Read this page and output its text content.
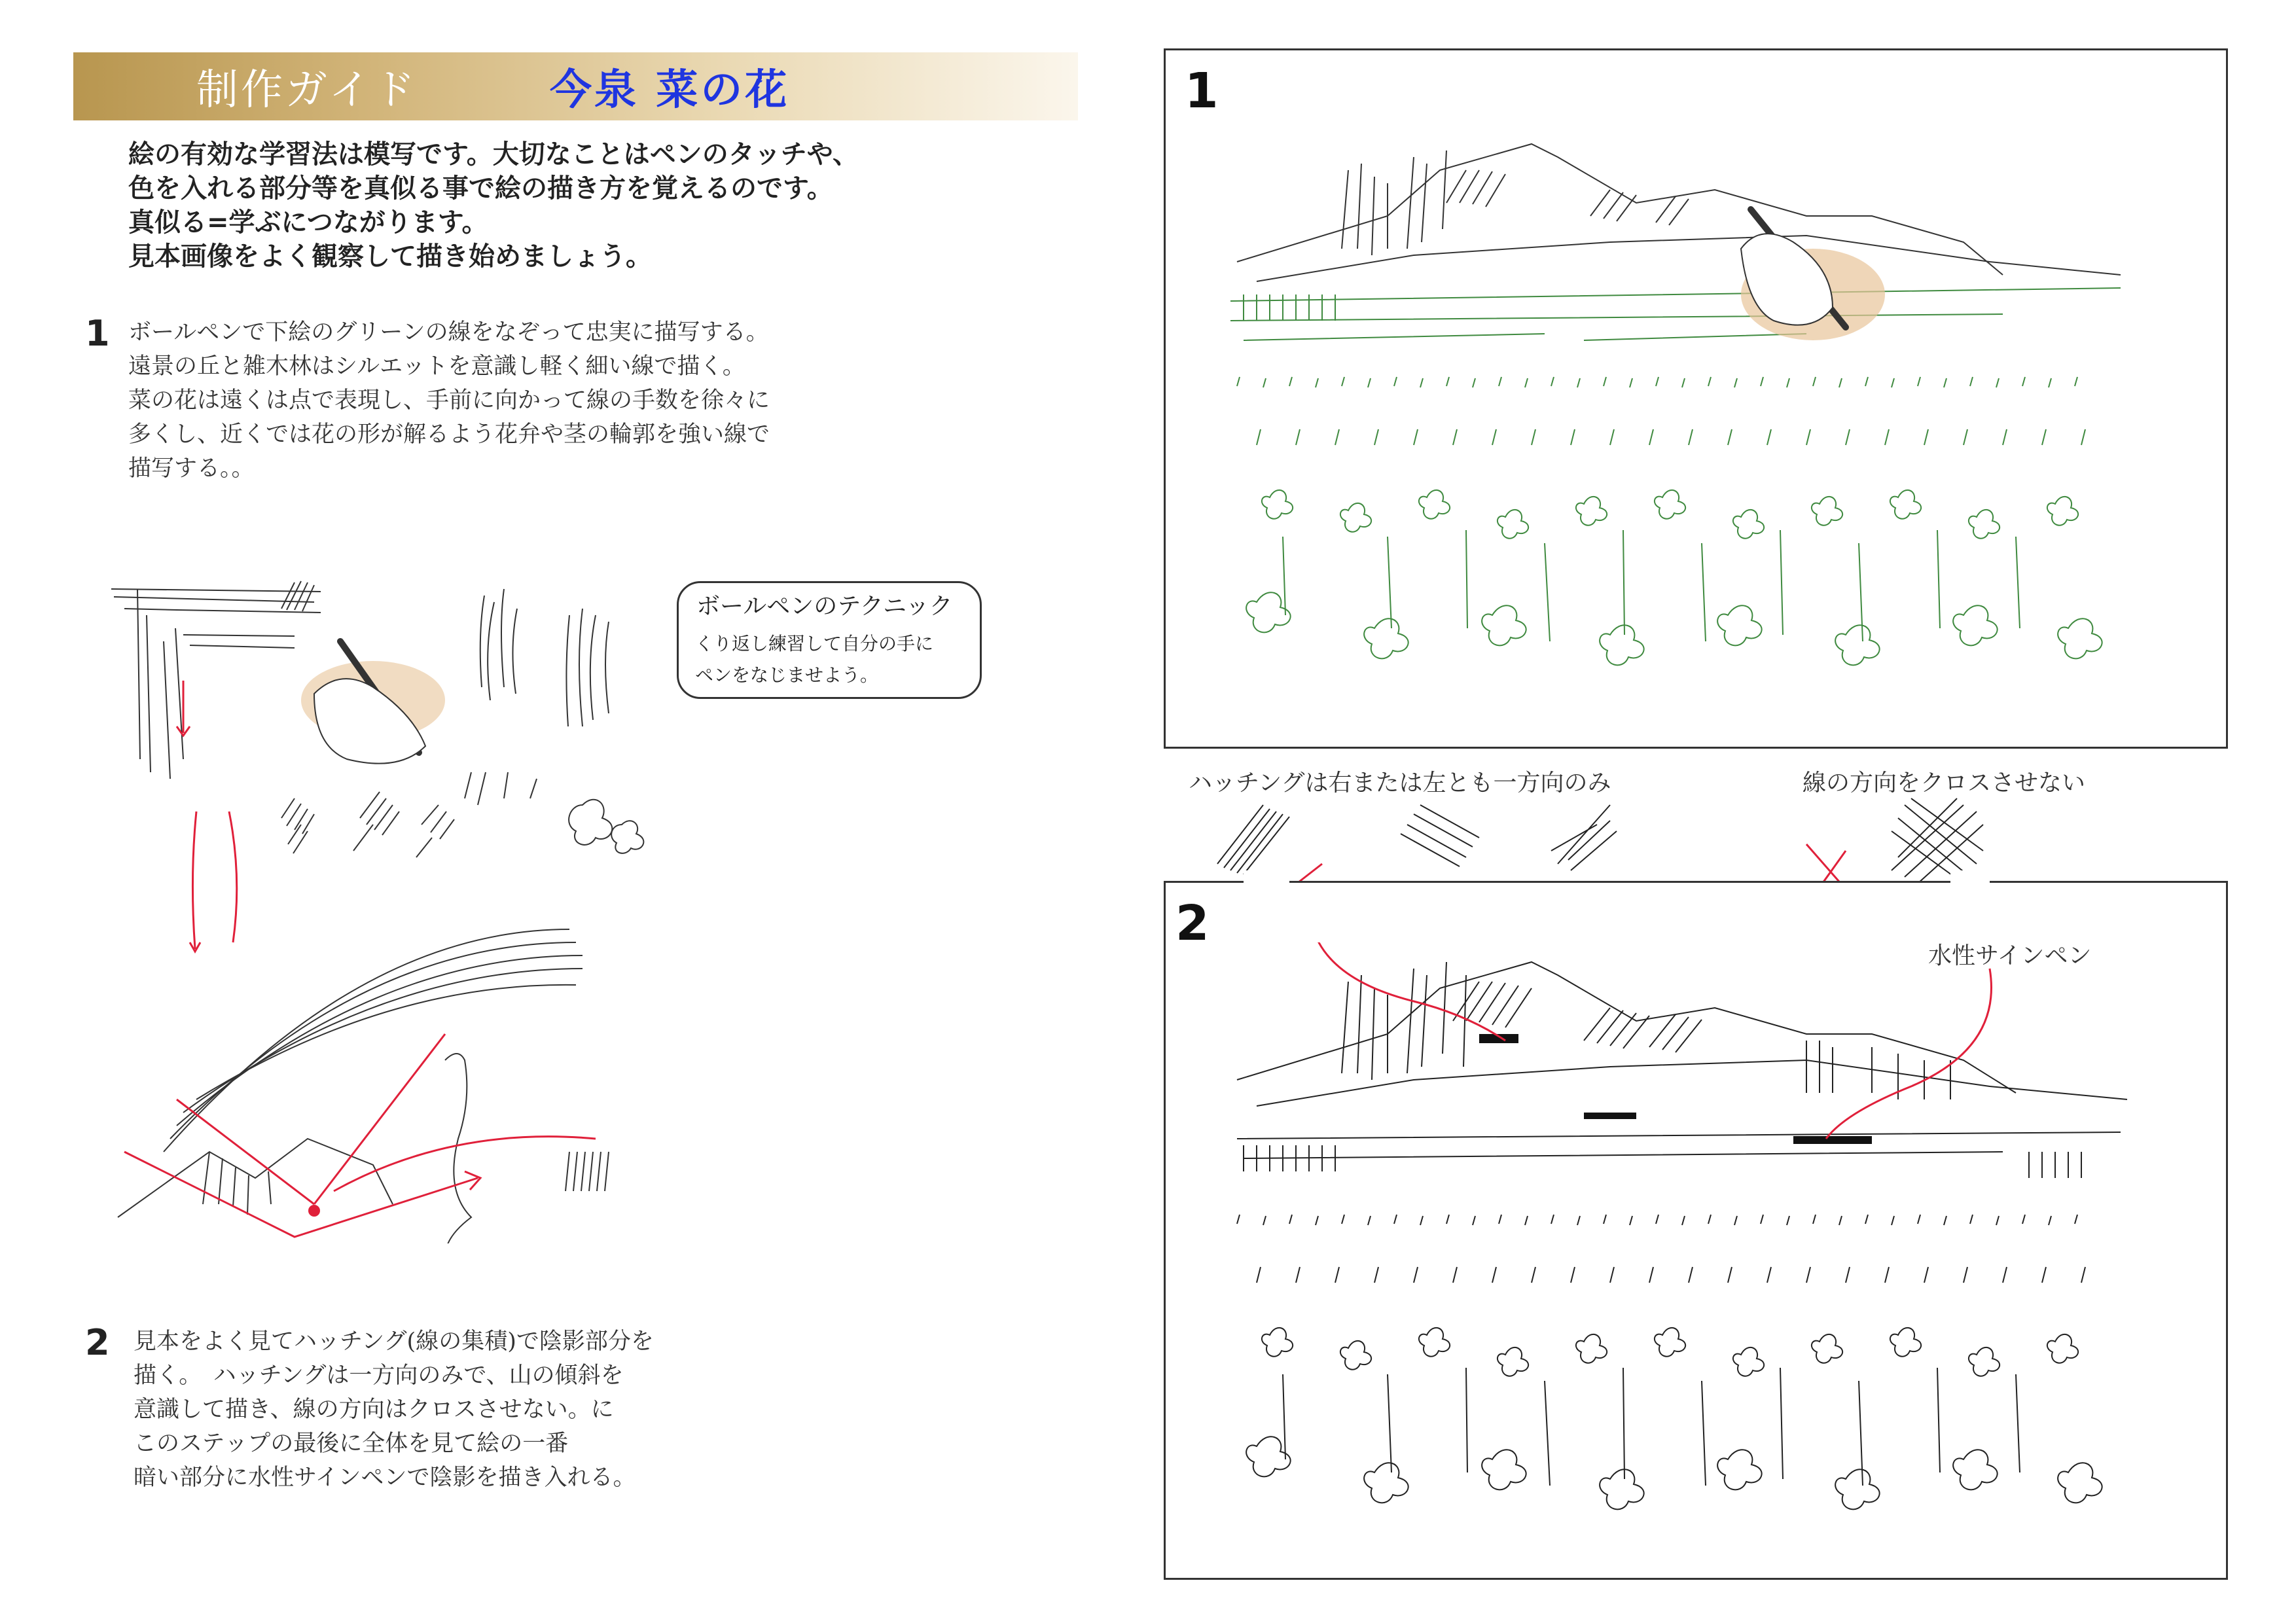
制作ガイド	今泉 菜の花
絵の有効な学習法は模写です。大切なことはペンのタッチや、
色を入れる部分等を真似る事で絵の描き方を覚えるのです。
真似る=学ぶにつながります。
見本画像をよく観察して描き始めましょう。
1 ボールペンで下絵のグリーンの線をなぞって忠実に描写する。
遠景の丘と雑木林はシルエットを意識し軽く細い線で描く。
菜の花は遠くは点で表現し、手前に向かって線の手数を徐々に
多くし、近くでは花の形が解るよう花弁や茎の輪郭を強い線で
描写する。。
ボールペンのテクニック
くり返し練習して自分の手に
ペンをなじませよう。
2 見本をよく見てハッチング(線の集積)で陰影部分を
描く。　ハッチングは一方向のみで、山の傾斜を
意識して描き、線の方向はクロスさせない。に
このステップの最後に全体を見て絵の一番
暗い部分に水性サインペンで陰影を描き入れる。
1
ハッチングは右または左とも一方向のみ	線の方向をクロスさせない
2
水性サインペン
